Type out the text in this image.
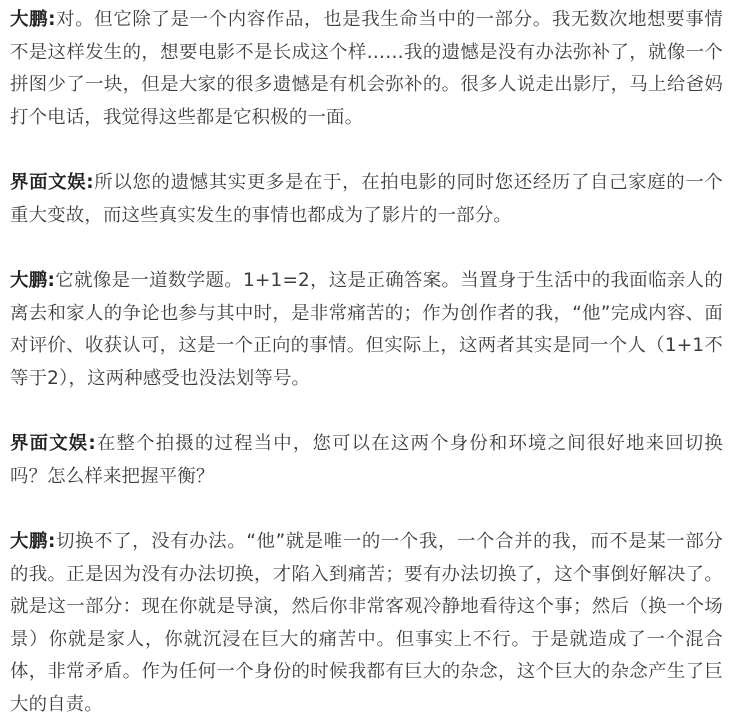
大鹏:对。但它除了是一个内容作品，也是我生命当中的一部分。我无数次地想要事情不是这样发生的，想要电影不是长成这个样……我的遗憾是没有办法弥补了，就像一个拼图少了一块，但是大家的很多遗憾是有机会弥补的。很多人说走出影厅，马上给爸妈打个电话，我觉得这些都是它积极的一面。

界面文娱:所以您的遗憾其实更多是在于，在拍电影的同时您还经历了自己家庭的一个重大变故，而这些真实发生的事情也都成为了影片的一部分。

大鹏:它就像是一道数学题。1+1=2，这是正确答案。当置身于生活中的我面临亲人的离去和家人的争论也参与其中时，是非常痛苦的；作为创作者的我，“他”完成内容、面对评价、收获认可，这是一个正向的事情。但实际上，这两者其实是同一个人（1+1不等于2），这两种感受也没法划等号。

界面文娱:在整个拍摄的过程当中，您可以在这两个身份和环境之间很好地来回切换吗？怎么样来把握平衡？

大鹏:切换不了，没有办法。“他”就是唯一的一个我，一个合并的我，而不是某一部分的我。正是因为没有办法切换，才陷入到痛苦；要有办法切换了，这个事倒好解决了。就是这一部分：现在你就是导演，然后你非常客观冷静地看待这个事；然后（换一个场景）你就是家人，你就沉浸在巨大的痛苦中。但事实上不行。于是就造成了一个混合体，非常矛盾。作为任何一个身份的时候我都有巨大的杂念，这个巨大的杂念产生了巨大的自责。
